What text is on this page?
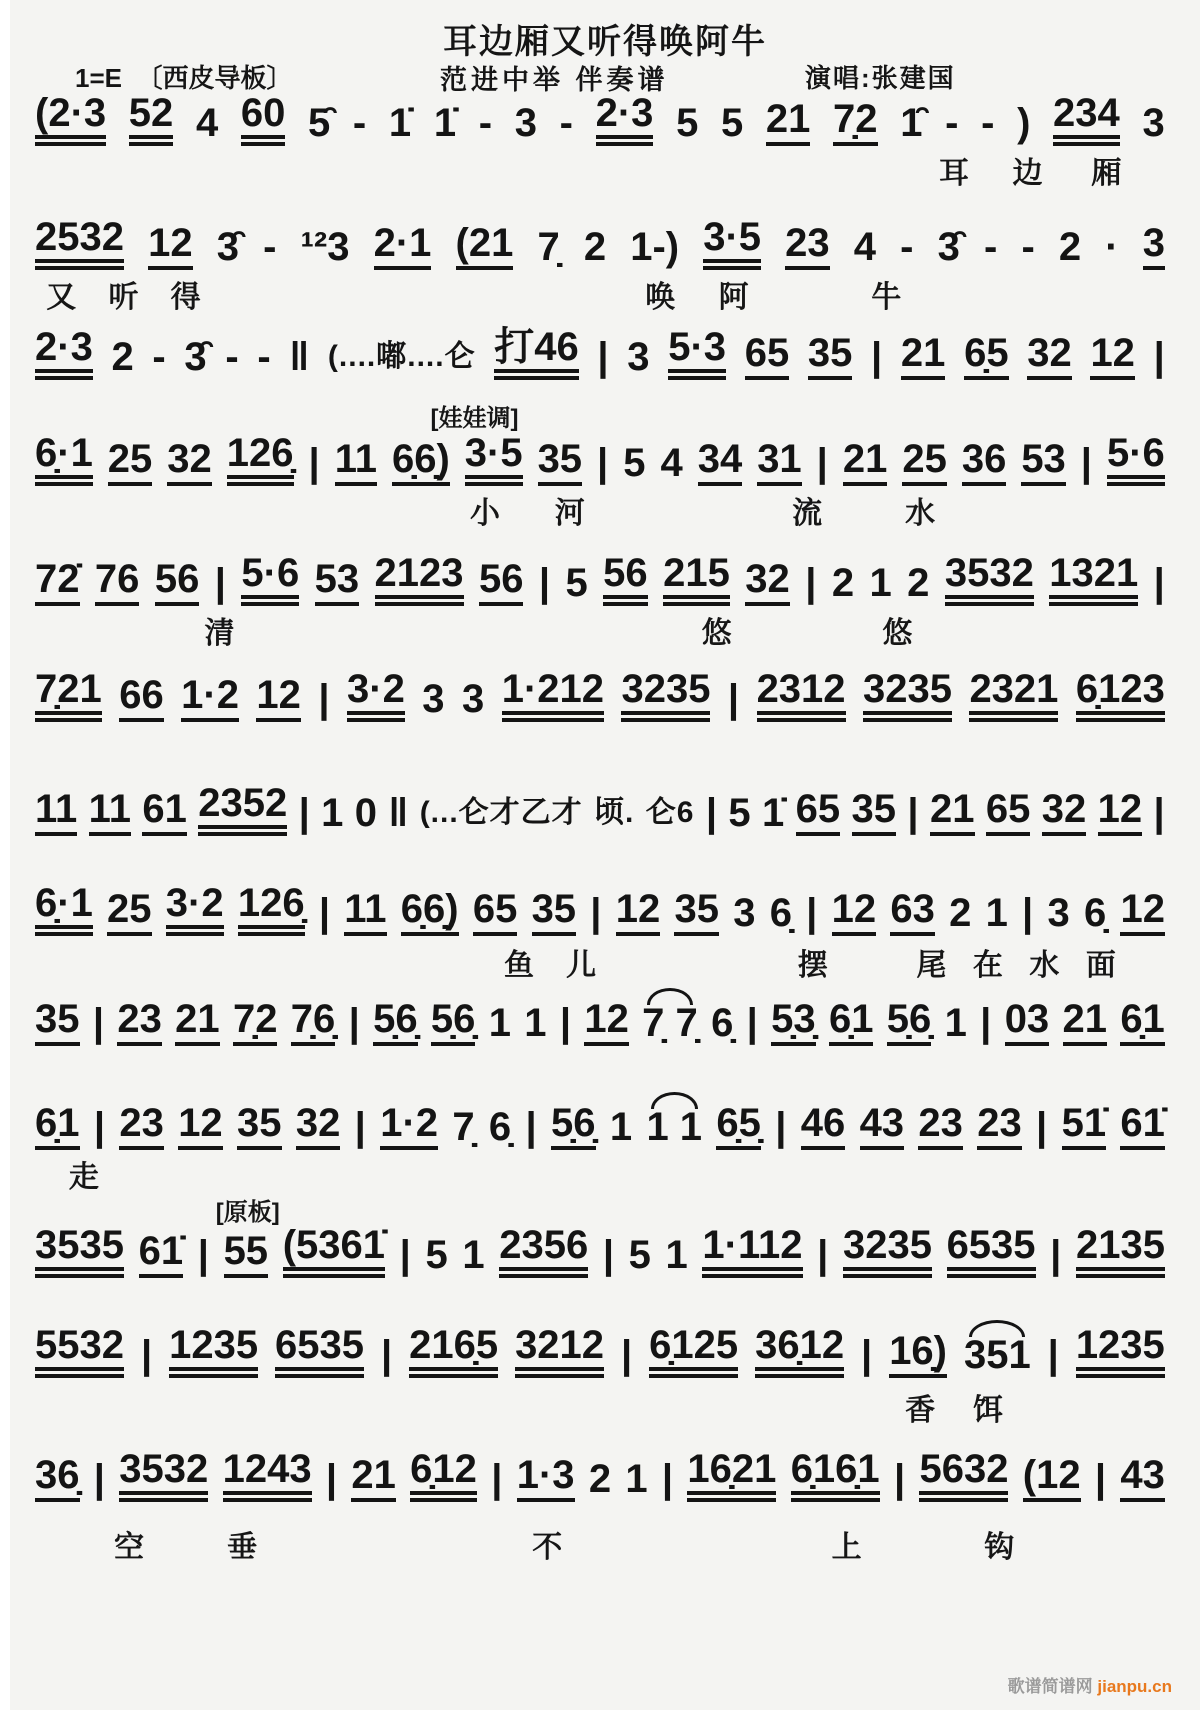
耳边厢又听得唤阿牛
1=E 〔西皮导板〕	范进中举 伴奏谱	演唱:张建国
(2·3 52 4 60 5̑ - 1̇ 1̇ - 3 - 2·3 5 5 21 7̣2 1̑ - - ) 234 3
耳 边 厢
2532 12 3̑ - ¹²3 2·1 (21 7̣ 2 1-) 3·5 23 4 - 3̑ - - 2 · 3
又 听 得	唤 阿	牛
2·3 2 - 3̑ - - ‖ (....嘟....仑 打46 | 3 5·3 65 35 | 21 6̣5 32 12 |
6̣·1 25 32 126̣ | 11 6̣6̣) 3·5 35 | 5 4 34 31 | 21 25 36 53 | 5·6
[娃娃调]
小 河	流	水
72̇ 76 56 | 5·6 53 2123 56 | 5 56 215 32 | 2 1 2 3532 1321 |
清	悠	悠
7̣21 66 1·2 12 | 3·2 3 3 1·212 3235 | 2312 3235 2321 6̣123
11 11 61 2352 | 1 0 ‖ (...仑才乙才 顷. 仑6 | 5 1̇ 65 35 | 21 65 32 12 |
6̣·1 25 3·2 126̣ | 11 6̣6̣) 65 35 | 12 35 3 6̣ | 12 63 2 1 | 3 6̣ 12
鱼 儿	摆	尾 在 水 面
35 | 23 21 7̣2 7̣6̣ | 5̣6̣ 5̣6̣ 1 1 | 12 7̣ 7̣ 6̣ | 5̣3̣ 6̣1 5̣6̣ 1 | 03 21 6̣1
6̣1 | 23 12 35 32 | 1·2 7̣ 6̣ | 5̣6̣ 1 1 1 6̣5̣ | 46 43 23 23 | 51̇ 61̇
走
3535 61̇ | 55 (5361̇ | 5 1 2356 | 5 1 1·112 | 3235 6535 | 2135
[原板]
5532 | 1235 6535 | 216̣5 3212 | 6̣125 36̣12 | 16̣) 351 | 1235
香 饵
36̣ | 3532 1243 | 21 6̣12 | 1·3 2 1 | 16̣21 6̣16̣1 | 5632 (12 | 43
空	垂	不	上	钩
歌谱简谱网 jianpu.cn
